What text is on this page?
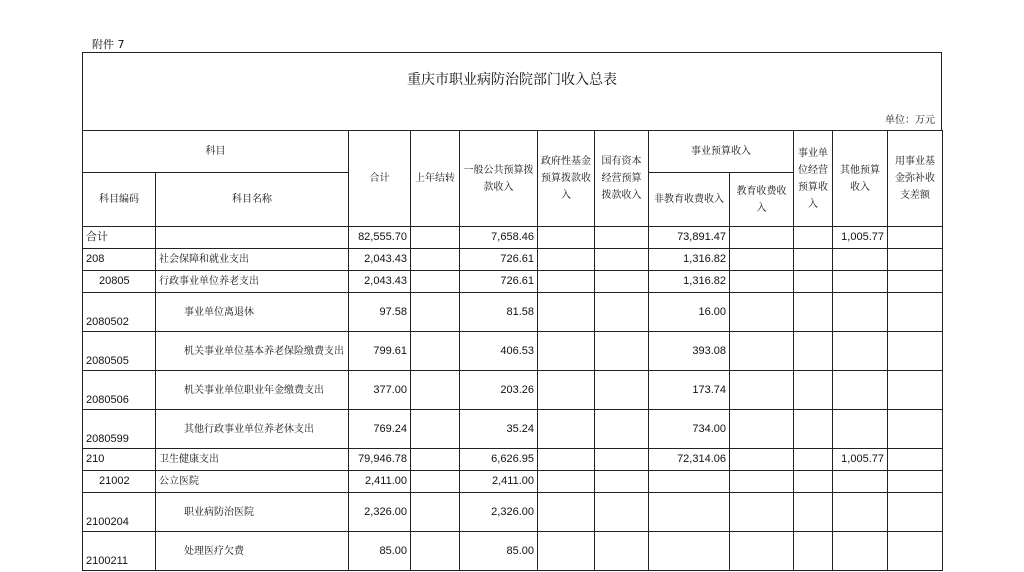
附件 7
重庆市职业病防治院部门收入总表
单位：万元
科目		合计	上年结转	一般公共预算拨款收入	政府性基金预算拨款收入	国有资本经营预算拨款收入	事业预算收入		事业单位经营预算收入	其他预算收入	用事业基金弥补收支差额
科目编码	科目名称						非教育收费收入	教育收费收入			
合计		82,555.70		7,658.46			73,891.47			1,005.77	
208	社会保障和就业支出	2,043.43		726.61			1,316.82				
20805	行政事业单位养老支出	2,043.43		726.61			1,316.82				
2080502	事业单位离退休	97.58		81.58			16.00				
2080505	机关事业单位基本养老保险缴费支出	799.61		406.53			393.08				
2080506	机关事业单位职业年金缴费支出	377.00		203.26			173.74				
2080599	其他行政事业单位养老休支出	769.24		35.24			734.00				
210	卫生健康支出	79,946.78		6,626.95			72,314.06			1,005.77	
21002	公立医院	2,411.00		2,411.00							
2100204	职业病防治医院	2,326.00		2,326.00							
2100211	处理医疗欠费	85.00		85.00							
